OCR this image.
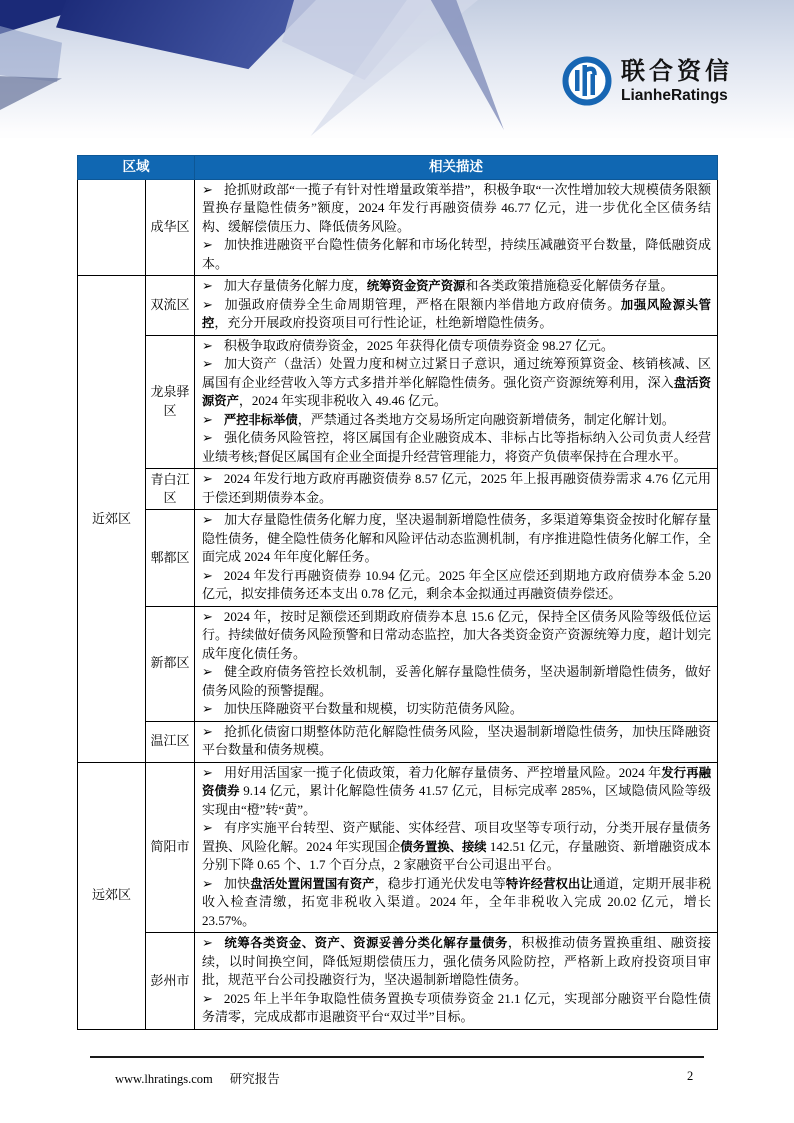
联合资信
LianheRatings
区域		相关描述
	成华区	➢ 抢抓财政部“一揽子有针对性增量政策举措”，积极争取“一次性增加较大规模债务限额置换存量隐性债务”额度，2024 年发行再融资债券 46.77 亿元，进一步优化全区债务结构、缓解偿债压力、降低债务风险。
➢ 加快推进融资平台隐性债务化解和市场化转型，持续压减融资平台数量，降低融资成本。

近郊区	双流区	➢ 加大存量债务化解力度，统筹资金资产资源和各类政策措施稳妥化解债务存量。
➢ 加强政府债券全生命周期管理，严格在限额内举借地方政府债务。加强风险源头管控，充分开展政府投资项目可行性论证，杜绝新增隐性债务。

	龙泉驿区	➢ 积极争取政府债券资金，2025 年获得化债专项债券资金 98.27 亿元。
➢ 加大资产（盘活）处置力度和树立过紧日子意识，通过统筹预算资金、核销核减、区属国有企业经营收入等方式多措并举化解隐性债务。强化资产资源统筹利用，深入盘活资源资产，2024 年实现非税收入 49.46 亿元。
➢ 严控非标举债，严禁通过各类地方交易场所定向融资新增债务，制定化解计划。
➢ 强化债务风险管控，将区属国有企业融资成本、非标占比等指标纳入公司负责人经营业绩考核;督促区属国有企业全面提升经营管理能力，将资产负债率保持在合理水平。

	青白江区	➢ 2024 年发行地方政府再融资债券 8.57 亿元，2025 年上报再融资债券需求 4.76 亿元用于偿还到期债券本金。

	郫都区	➢ 加大存量隐性债务化解力度，坚决遏制新增隐性债务，多渠道筹集资金按时化解存量隐性债务，健全隐性债务化解和风险评估动态监测机制，有序推进隐性债务化解工作，全面完成 2024 年年度化解任务。
➢ 2024 年发行再融资债券 10.94 亿元。2025 年全区应偿还到期地方政府债券本金 5.20 亿元，拟安排债务还本支出 0.78 亿元，剩余本金拟通过再融资债券偿还。

	新都区	➢ 2024 年，按时足额偿还到期政府债券本息 15.6 亿元，保持全区债务风险等级低位运行。持续做好债务风险预警和日常动态监控，加大各类资金资产资源统筹力度，超计划完成年度化债任务。
➢ 健全政府债务管控长效机制，妥善化解存量隐性债务，坚决遏制新增隐性债务，做好债务风险的预警提醒。
➢ 加快压降融资平台数量和规模，切实防范债务风险。

	温江区	➢ 抢抓化债窗口期整体防范化解隐性债务风险，坚决遏制新增隐性债务，加快压降融资平台数量和债务规模。

远郊区	简阳市	➢ 用好用活国家一揽子化债政策，着力化解存量债务、严控增量风险。2024 年发行再融资债券 9.14 亿元，累计化解隐性债务 41.57 亿元，目标完成率 285%，区域隐债风险等级实现由“橙”转“黄”。
➢ 有序实施平台转型、资产赋能、实体经营、项目攻坚等专项行动，分类开展存量债务置换、风险化解。2024 年实现国企债务置换、接续 142.51 亿元，存量融资、新增融资成本分别下降 0.65 个、1.7 个百分点，2 家融资平台公司退出平台。
➢ 加快盘活处置闲置国有资产，稳步打通光伏发电等特许经营权出让通道，定期开展非税收入检查清缴，拓宽非税收入渠道。2024 年，全年非税收入完成 20.02 亿元，增长 23.57%。

	彭州市	➢ 统筹各类资金、资产、资源妥善分类化解存量债务，积极推动债务置换重组、融资接续，以时间换空间，降低短期偿债压力，强化债务风险防控，严格新上政府投资项目审批，规范平台公司投融资行为，坚决遏制新增隐性债务。
➢ 2025 年上半年争取隐性债务置换专项债券资金 21.1 亿元，实现部分融资平台隐性债务清零，完成成都市退融资平台“双过半”目标。
www.lhratings.com 研究报告	2
